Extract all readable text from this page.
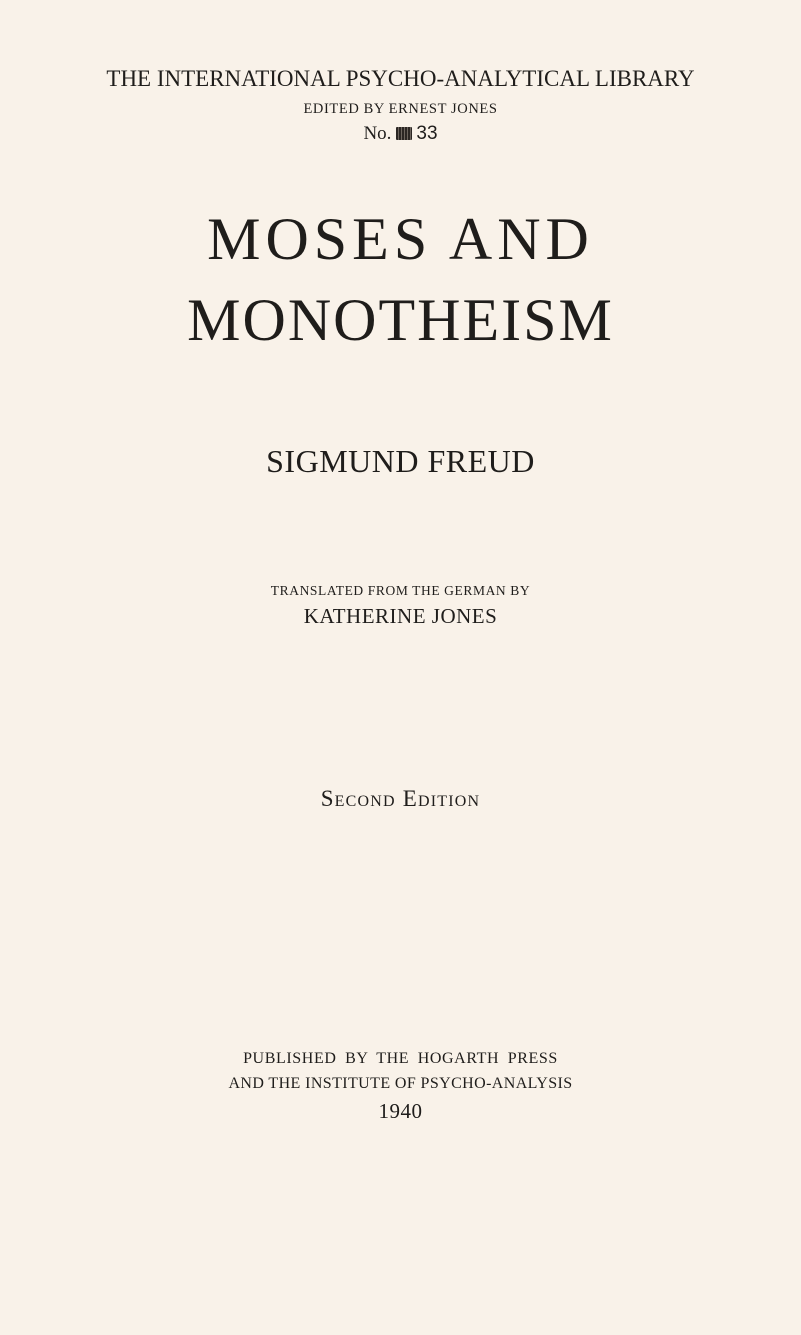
THE INTERNATIONAL PSYCHO-ANALYTICAL LIBRARY
EDITED BY ERNEST JONES
No. 33
MOSES AND
MONOTHEISM
SIGMUND FREUD
TRANSLATED FROM THE GERMAN BY
KATHERINE JONES
Second Edition
PUBLISHED BY THE HOGARTH PRESS
AND THE INSTITUTE OF PSYCHO-ANALYSIS
1940
